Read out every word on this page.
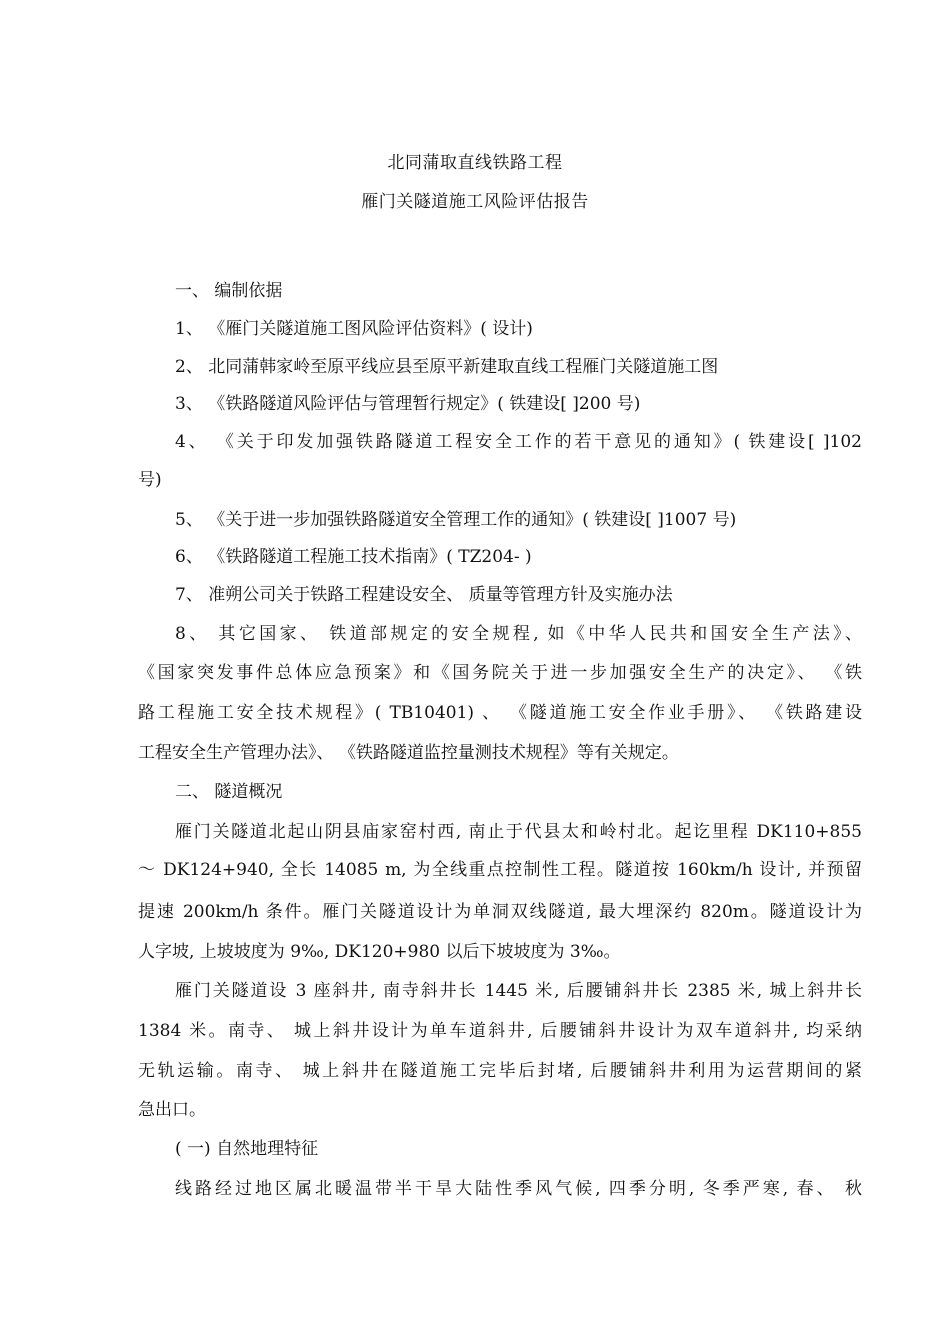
北同蒲取直线铁路工程
雁门关隧道施工风险评估报告
一、 编制依据
1、 《雁门关隧道施工图风险评估资料》( 设计)
2、 北同蒲韩家岭至原平线应县至原平新建取直线工程雁门关隧道施工图
3、 《铁路隧道风险评估与管理暂行规定》( 铁建设[ ]200 号)
4、 《关于印发加强铁路隧道工程安全工作的若干意见的通知》( 铁建设[ ]102
号)
5、 《关于进一步加强铁路隧道安全管理工作的通知》( 铁建设[ ]1007 号)
6、 《铁路隧道工程施工技术指南》( TZ204- )
7、 准朔公司关于铁路工程建设安全、 质量等管理方针及实施办法
8、 其它国家、 铁道部规定的安全规程, 如《中华人民共和国安全生产法》、
《国家突发事件总体应急预案》和《国务院关于进一步加强安全生产的决定》、 《铁
路工程施工安全技术规程》( TB10401) 、 《隧道施工安全作业手册》、 《铁路建设
工程安全生产管理办法》、 《铁路隧道监控量测技术规程》等有关规定。
二、 隧道概况
雁门关隧道北起山阴县庙家窑村西, 南止于代县太和岭村北。起讫里程 DK110+855
～ DK124+940, 全长 14085 m, 为全线重点控制性工程。隧道按 160km/h 设计, 并预留
提速 200km/h 条件。雁门关隧道设计为单洞双线隧道, 最大埋深约 820m。隧道设计为
人字坡, 上坡坡度为 9‰, DK120+980 以后下坡坡度为 3‰。
雁门关隧道设 3 座斜井, 南寺斜井长 1445 米, 后腰铺斜井长 2385 米, 城上斜井长
1384 米。南寺、 城上斜井设计为单车道斜井, 后腰铺斜井设计为双车道斜井, 均采纳
无轨运输。南寺、 城上斜井在隧道施工完毕后封堵, 后腰铺斜井利用为运营期间的紧
急出口。
( 一) 自然地理特征
线路经过地区属北暖温带半干旱大陆性季风气候, 四季分明, 冬季严寒, 春、 秋
